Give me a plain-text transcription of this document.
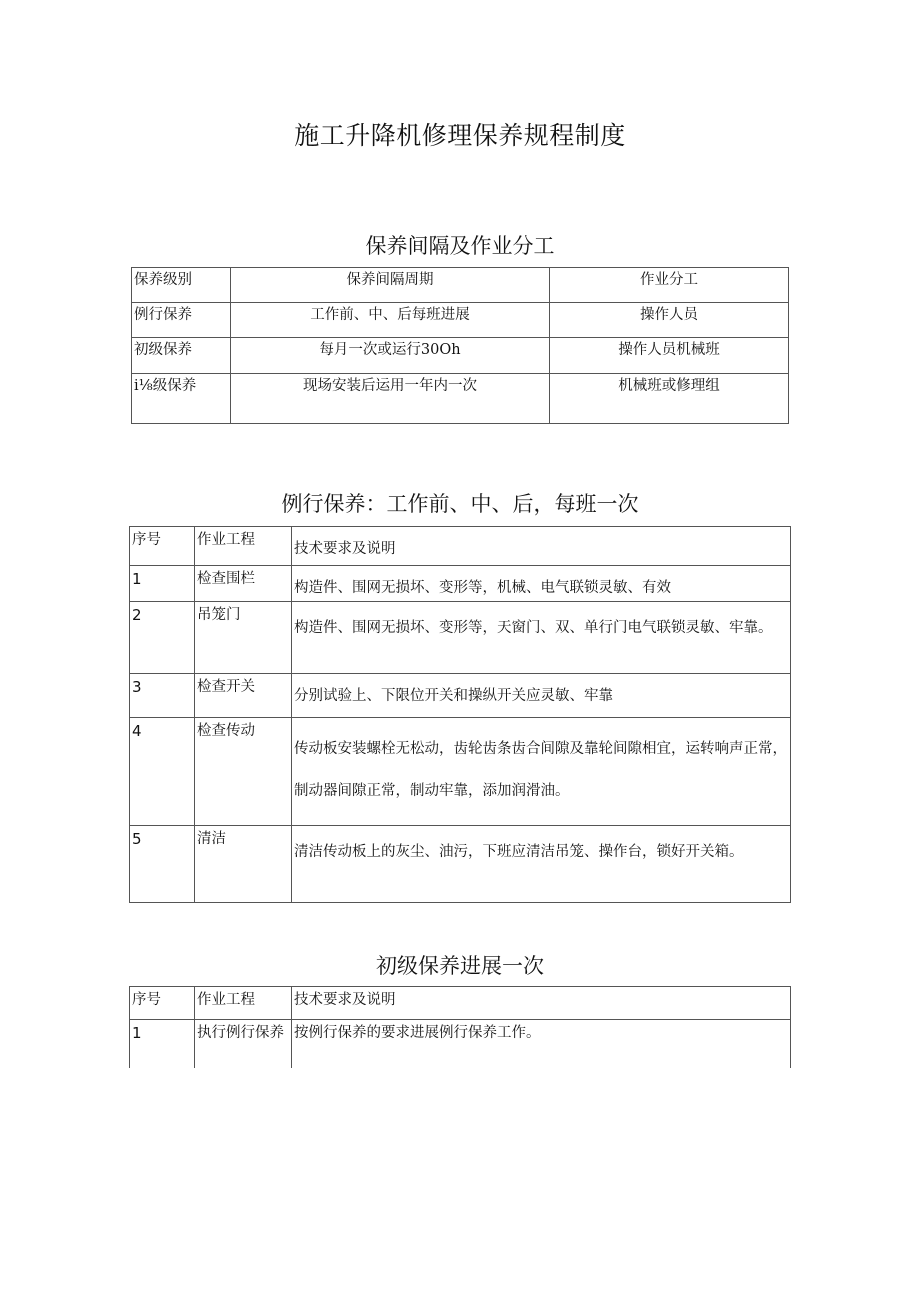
施工升降机修理保养规程制度
保养间隔及作业分工
保养级别	保养间隔周期	作业分工
例行保养	工作前、中、后每班进展	操作人员
初级保养	每月一次或运行30Oh	操作人员机械班
i⅛级保养	现场安装后运用一年内一次	机械班或修理组
例行保养：工作前、中、后，每班一次
序号	作业工程	技术要求及说明
1	检查围栏	构造件、围网无损坏、变形等，机械、电气联锁灵敏、有效
2	吊笼门	构造件、围网无损坏、变形等，天窗门、双、单行门电气联锁灵敏、牢靠。
3	检查开关	分别试验上、下限位开关和操纵开关应灵敏、牢靠
4	检查传动	传动板安装螺栓无松动，齿轮齿条齿合间隙及靠轮间隙相宜，运转响声正常，制动器间隙正常，制动牢靠，添加润滑油。
5	清洁	清洁传动板上的灰尘、油污，下班应清洁吊笼、操作台，锁好开关箱。
初级保养进展一次
序号	作业工程	技术要求及说明
1	执行例行保养	按例行保养的要求进展例行保养工作。
